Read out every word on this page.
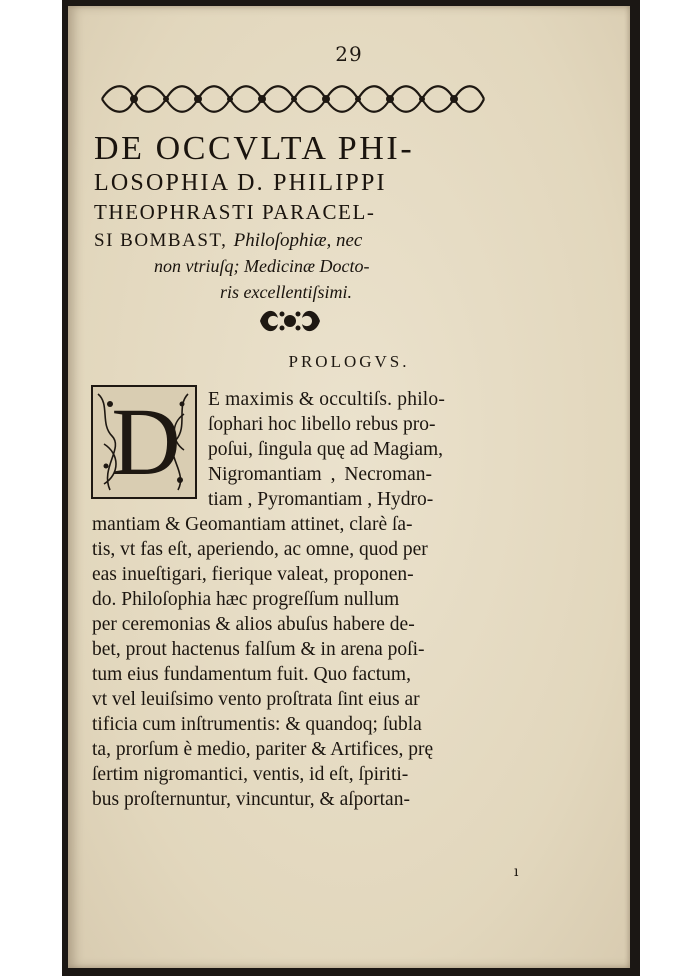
29
DE OCCVLTA PHI-
LOSOPHIA D. PHILIPPI
THEOPHRASTI PARACEL-
SI BOMBAST, Philoſophiæ, nec
non vtriuſq; Medicinæ Docto-
ris excellentiſsimi.
PROLOGVS.
D E maximis & occultiſs. philo-
ſophari hoc libello rebus pro-
poſui, ſingula quę ad Magiam,
Nigromantiam , Necroman-
tiam , Pyromantiam , Hydro-
mantiam & Geomantiam attinet, clarè ſa-
tis, vt fas eſt, aperiendo, ac omne, quod per
eas inueſtigari, fierique valeat, proponen-
do. Philoſophia hæc progreſſum nullum
per ceremonias & alios abuſus habere de-
bet, prout hactenus falſum & in arena poſi-
tum eius fundamentum fuit. Quo factum,
vt vel leuiſsimo vento proſtrata ſint eius ar
tificia cum inſtrumentis: & quandoq; ſubla
ta, prorſum è medio, pariter & Artifices, prę
ſertim nigromantici, ventis, id eſt, ſpiriti-
bus proſternuntur, vincuntur, & aſportan-
ı
